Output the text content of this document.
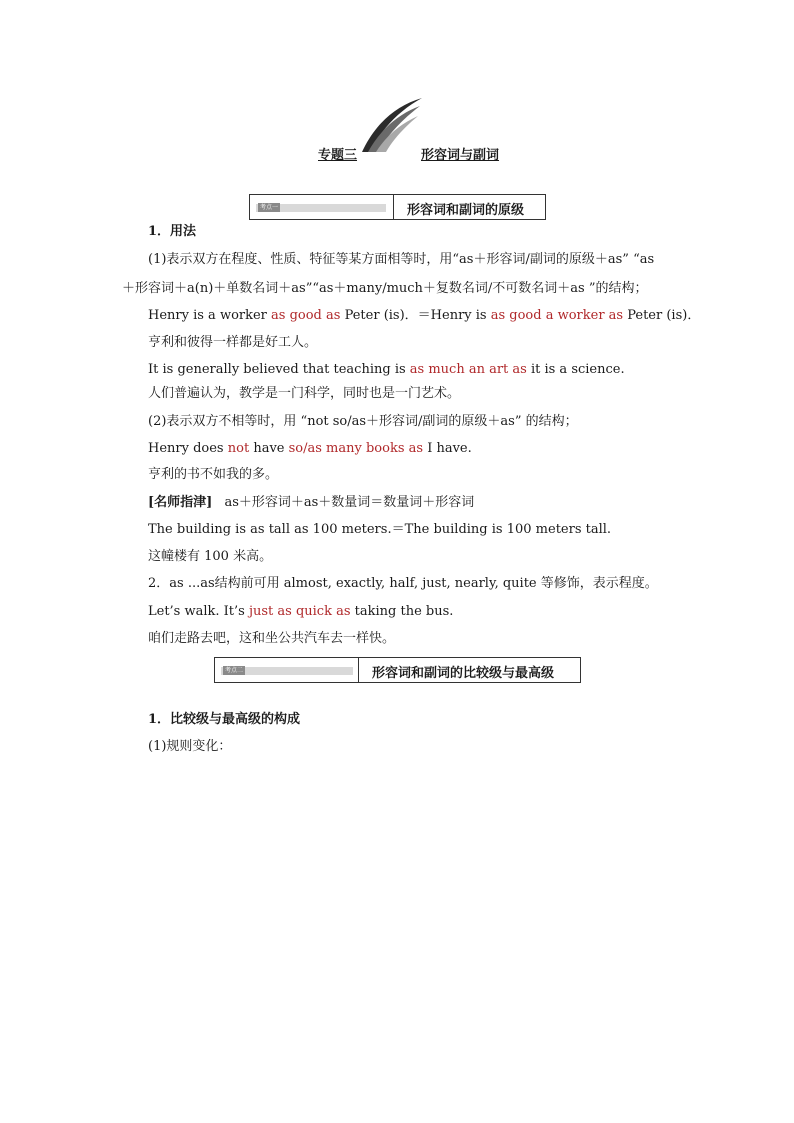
专题三	形容词与副词
考点一	形容词和副词的原级
1．用法
(1)表示双方在程度、性质、特征等某方面相等时，用“as＋形容词/副词的原级＋as” “as
＋形容词＋a(n)＋单数名词＋as”“as＋many/much＋复数名词/不可数名词＋as ”的结构；
Henry is a worker as good as Peter (is)．＝Henry is as good a worker as Peter (is)．
亨利和彼得一样都是好工人。
It is generally believed that teaching is as much an art as it is a science.
人们普遍认为，教学是一门科学，同时也是一门艺术。
(2)表示双方不相等时，用 “not so/as＋形容词/副词的原级＋as” 的结构；
Henry does not have so/as many books as I have.
亨利的书不如我的多。
[名师指津] as＋形容词＋as＋数量词＝数量词＋形容词
The building is as tall as 100 meters.＝The building is 100 meters tall.
这幢楼有 100 米高。
2．as ...as结构前可用 almost, exactly, half, just, nearly, quite 等修饰，表示程度。
Let’s walk. It’s just as quick as taking the bus.
咱们走路去吧，这和坐公共汽车去一样快。
考点二	形容词和副词的比较级与最高级
1．比较级与最高级的构成
(1)规则变化：
